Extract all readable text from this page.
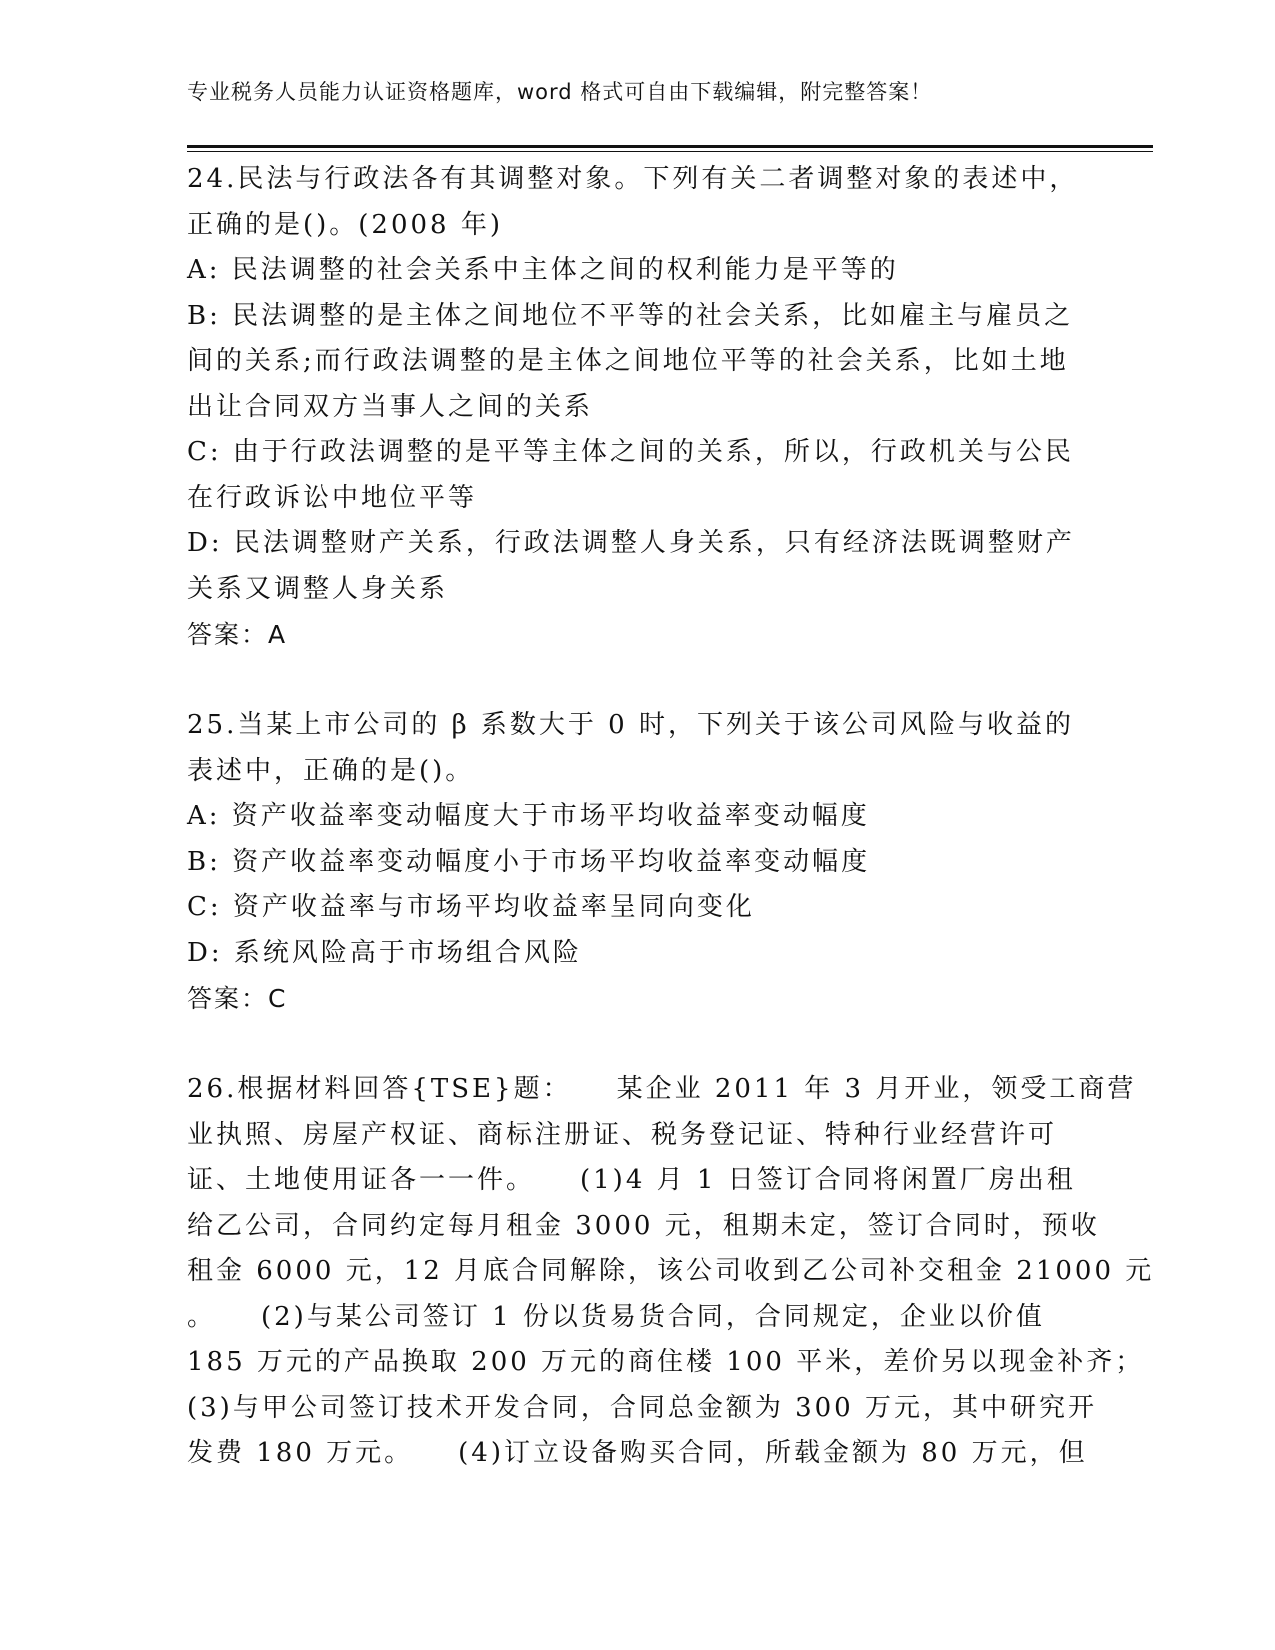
专业税务人员能力认证资格题库，word 格式可自由下载编辑，附完整答案！
24.民法与行政法各有其调整对象。下列有关二者调整对象的表述中，
正确的是()。(2008 年)
A: 民法调整的社会关系中主体之间的权利能力是平等的
B: 民法调整的是主体之间地位不平等的社会关系，比如雇主与雇员之
间的关系;而行政法调整的是主体之间地位平等的社会关系，比如土地
出让合同双方当事人之间的关系
C: 由于行政法调整的是平等主体之间的关系，所以，行政机关与公民
在行政诉讼中地位平等
D: 民法调整财产关系，行政法调整人身关系，只有经济法既调整财产
关系又调整人身关系
答案：A
25.当某上市公司的 β 系数大于 0 时，下列关于该公司风险与收益的
表述中，正确的是()。
A: 资产收益率变动幅度大于市场平均收益率变动幅度
B: 资产收益率变动幅度小于市场平均收益率变动幅度
C: 资产收益率与市场平均收益率呈同向变化
D: 系统风险高于市场组合风险
答案：C
26.根据材料回答{TSE}题：　　某企业 2011 年 3 月开业，领受工商营
业执照、房屋产权证、商标注册证、税务登记证、特种行业经营许可
证、土地使用证各一一件。　　(1)4 月 1 日签订合同将闲置厂房出租
给乙公司，合同约定每月租金 3000 元，租期未定，签订合同时，预收
租金 6000 元，12 月底合同解除，该公司收到乙公司补交租金 21000 元
。　　(2)与某公司签订 1 份以货易货合同，合同规定，企业以价值
185 万元的产品换取 200 万元的商住楼 100 平米，差价另以现金补齐；
(3)与甲公司签订技术开发合同，合同总金额为 300 万元，其中研究开
发费 180 万元。　　(4)订立设备购买合同，所载金额为 80 万元，但
